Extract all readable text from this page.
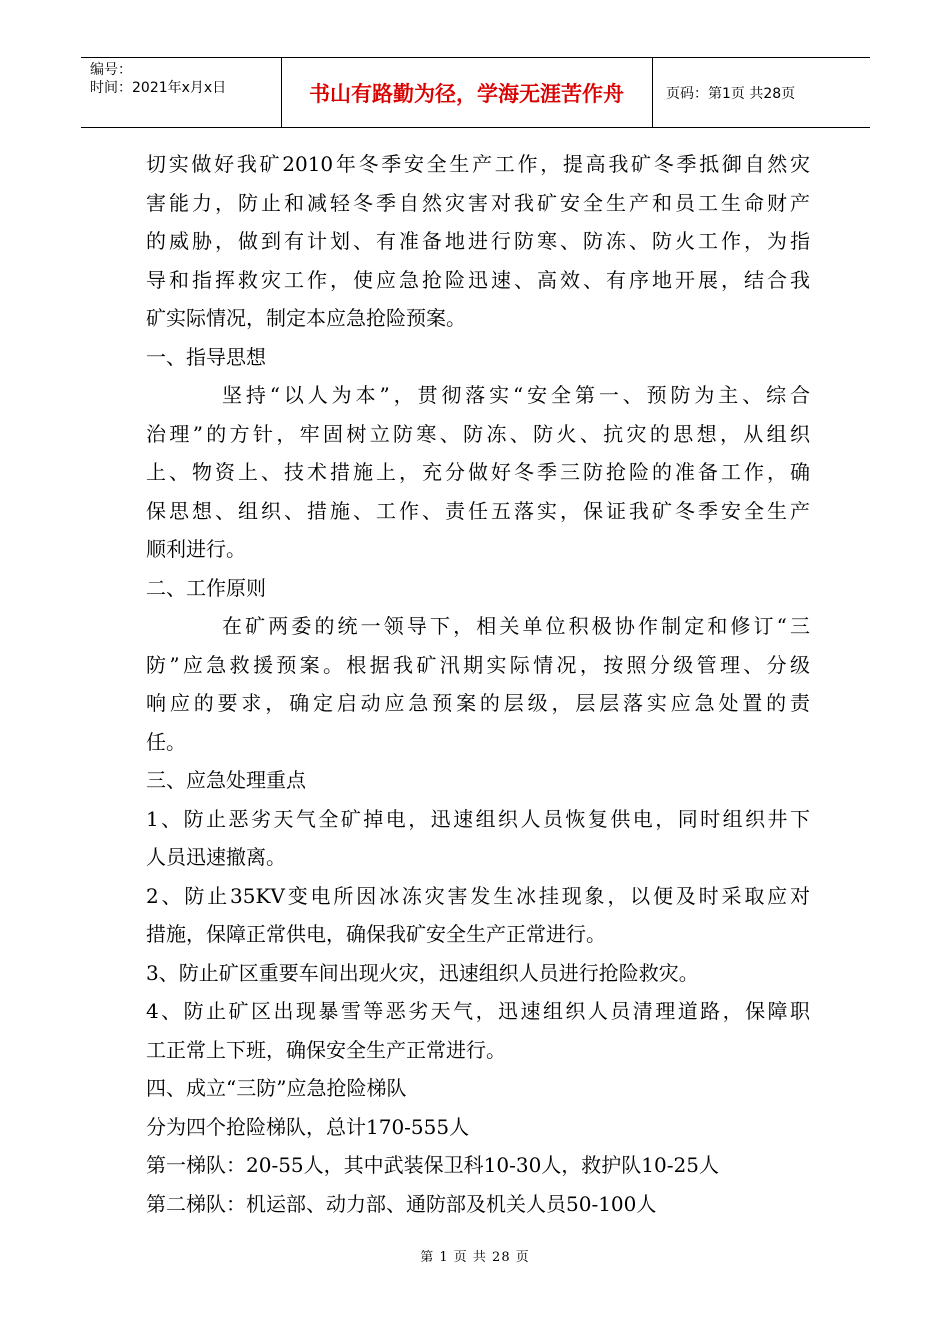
编号：
时间：2021年x月x日	书山有路勤为径，学海无涯苦作舟	页码：第1页 共28页
切实做好我矿2010年冬季安全生产工作，提高我矿冬季抵御自然灾
害能力，防止和减轻冬季自然灾害对我矿安全生产和员工生命财产
的威胁，做到有计划、有准备地进行防寒、防冻、防火工作，为指
导和指挥救灾工作，使应急抢险迅速、高效、有序地开展，结合我
矿实际情况，制定本应急抢险预案。
一、指导思想
坚持“以人为本”，贯彻落实“安全第一、预防为主、综合
治理”的方针，牢固树立防寒、防冻、防火、抗灾的思想，从组织
上、物资上、技术措施上，充分做好冬季三防抢险的准备工作，确
保思想、组织、措施、工作、责任五落实，保证我矿冬季安全生产
顺利进行。
二、工作原则
在矿两委的统一领导下，相关单位积极协作制定和修订“三
防”应急救援预案。根据我矿汛期实际情况，按照分级管理、分级
响应的要求，确定启动应急预案的层级，层层落实应急处置的责
任。
三、应急处理重点
1、防止恶劣天气全矿掉电，迅速组织人员恢复供电，同时组织井下
人员迅速撤离。
2、防止35KV变电所因冰冻灾害发生冰挂现象，以便及时采取应对
措施，保障正常供电，确保我矿安全生产正常进行。
3、防止矿区重要车间出现火灾，迅速组织人员进行抢险救灾。
4、防止矿区出现暴雪等恶劣天气，迅速组织人员清理道路，保障职
工正常上下班，确保安全生产正常进行。
四、成立“三防”应急抢险梯队
分为四个抢险梯队，总计170-555人
第一梯队：20-55人，其中武装保卫科10-30人，救护队10-25人
第二梯队：机运部、动力部、通防部及机关人员50-100人
第 1 页 共 28 页
